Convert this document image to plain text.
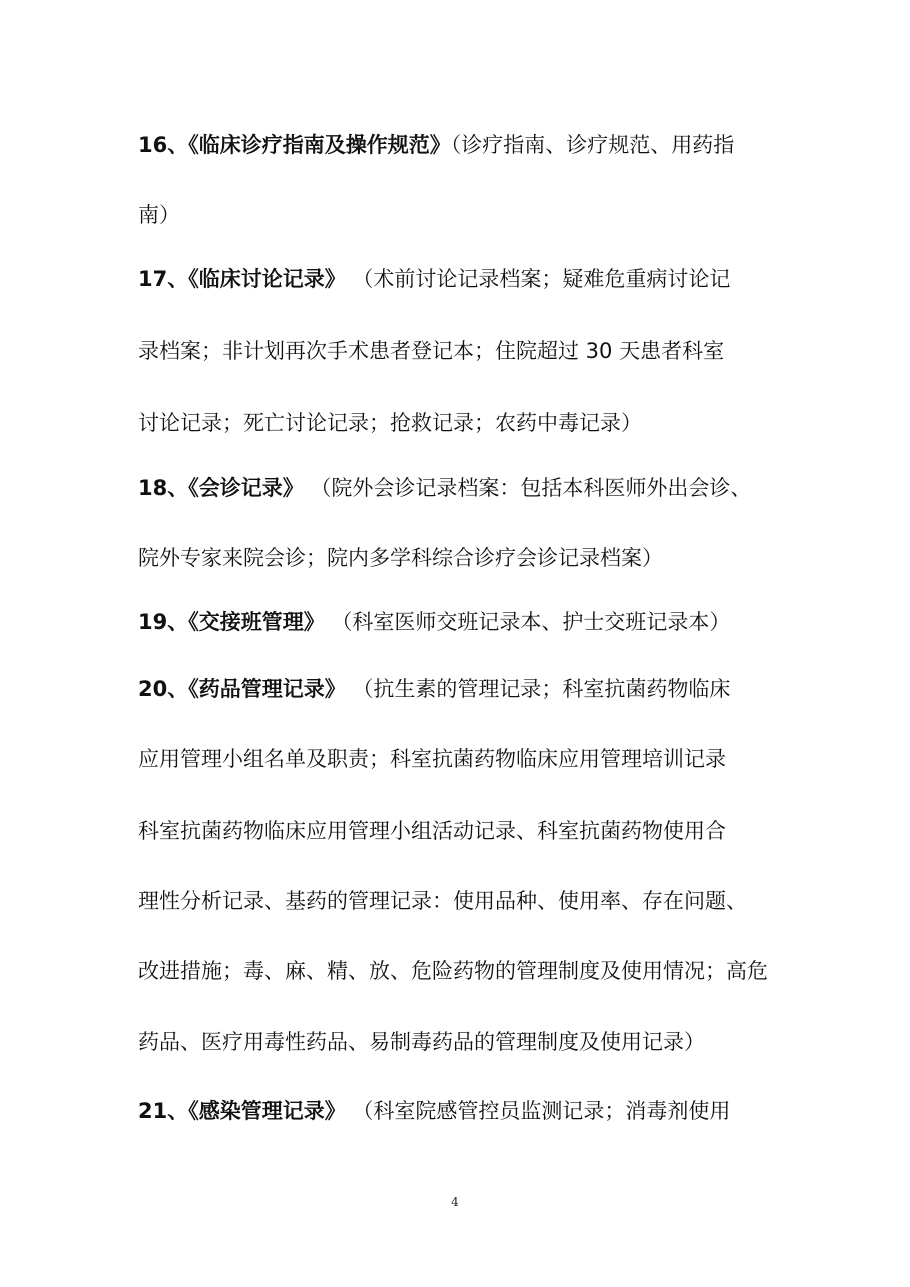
16、《临床诊疗指南及操作规范》（诊疗指南、诊疗规范、用药指
南）
17、《临床讨论记录》 （术前讨论记录档案；疑难危重病讨论记
录档案；非计划再次手术患者登记本；住院超过 30 天患者科室
讨论记录；死亡讨论记录；抢救记录；农药中毒记录）
18、《会诊记录》 （院外会诊记录档案：包括本科医师外出会诊、
院外专家来院会诊；院内多学科综合诊疗会诊记录档案）
19、《交接班管理》 （科室医师交班记录本、护士交班记录本）
20、《药品管理记录》 （抗生素的管理记录；科室抗菌药物临床
应用管理小组名单及职责；科室抗菌药物临床应用管理培训记录
科室抗菌药物临床应用管理小组活动记录、科室抗菌药物使用合
理性分析记录、基药的管理记录：使用品种、使用率、存在问题、
改进措施；毒、麻、精、放、危险药物的管理制度及使用情况；高危
药品、医疗用毒性药品、易制毒药品的管理制度及使用记录）
21、《感染管理记录》 （科室院感管控员监测记录；消毒剂使用
4
